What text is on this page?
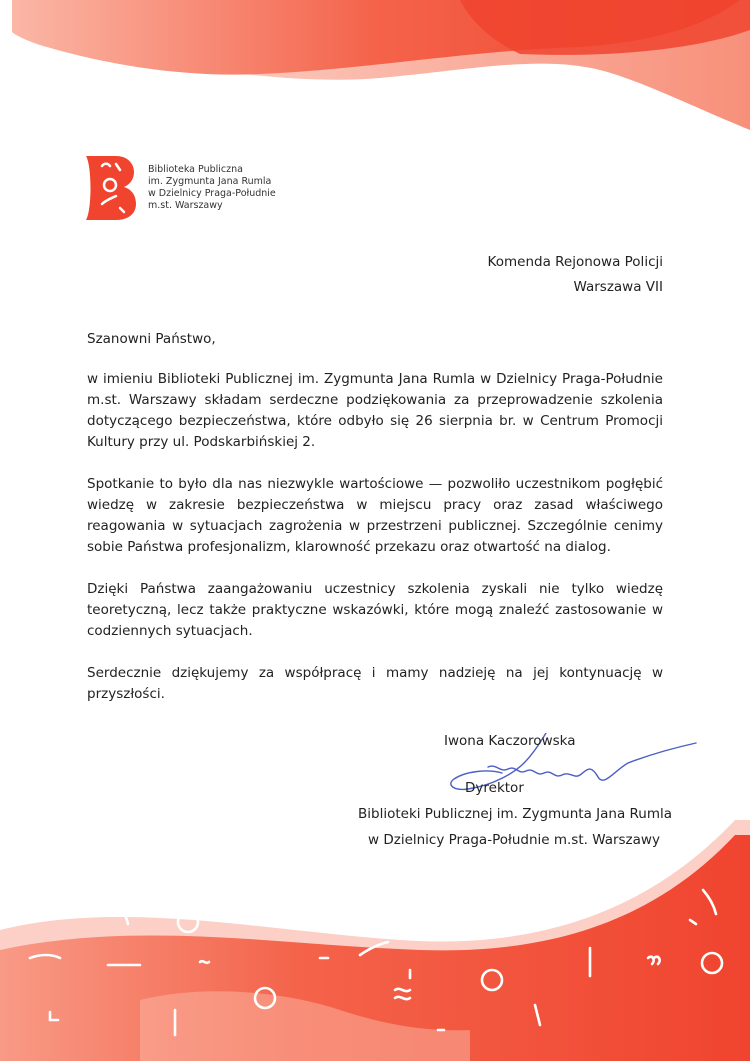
Biblioteka Publiczna
im. Zygmunta Jana Rumla
w Dzielnicy Praga-Południe
m.st. Warszawy
Komenda Rejonowa Policji
Warszawa VII

Szanowni Państwo,

w imieniu Biblioteki Publicznej im. Zygmunta Jana Rumla w Dzielnicy Praga-Południe m.st. Warszawy składam serdeczne podziękowania za przeprowadzenie szkolenia dotyczącego bezpieczeństwa, które odbyło się 26 sierpnia br. w Centrum Promocji Kultury przy ul. Podskarbińskiej 2.

Spotkanie to było dla nas niezwykle wartościowe — pozwoliło uczestnikom pogłębić wiedzę w zakresie bezpieczeństwa w miejscu pracy oraz zasad właściwego reagowania w sytuacjach zagrożenia w przestrzeni publicznej. Szczególnie cenimy sobie Państwa profesjonalizm, klarowność przekazu oraz otwartość na dialog.

Dzięki Państwa zaangażowaniu uczestnicy szkolenia zyskali nie tylko wiedzę teoretyczną, lecz także praktyczne wskazówki, które mogą znaleźć zastosowanie w codziennych sytuacjach.

Serdecznie dziękujemy za współpracę i mamy nadzieję na jej kontynuację w przyszłości.

Iwona Kaczorowska
Dyrektor
Biblioteki Publicznej im. Zygmunta Jana Rumla
w Dzielnicy Praga-Południe m.st. Warszawy
